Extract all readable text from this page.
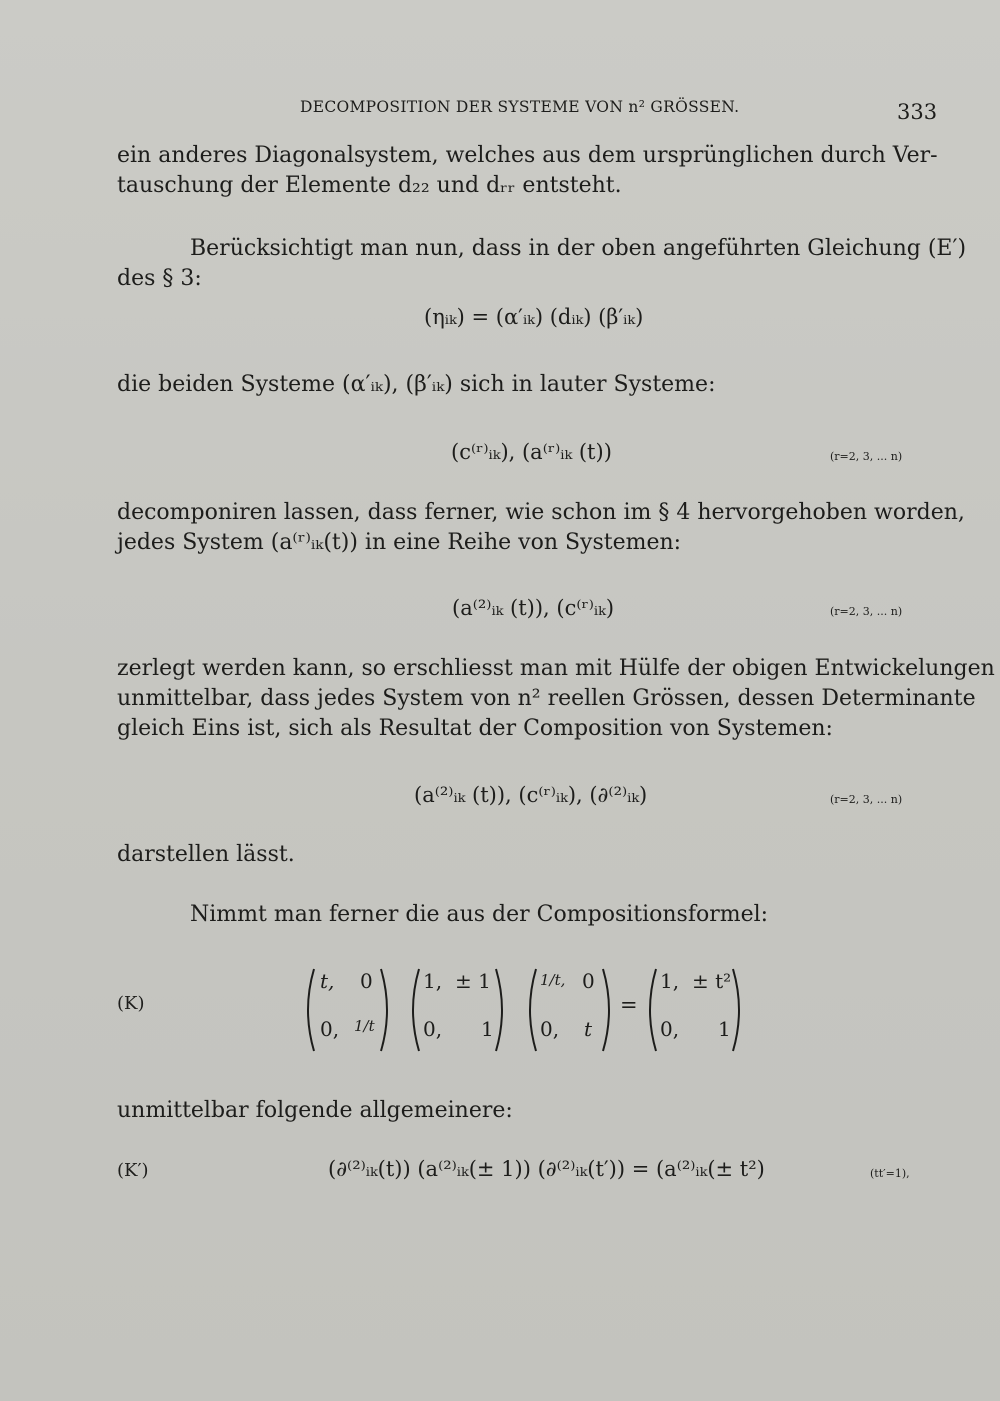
DECOMPOSITION DER SYSTEME VON n² GRÖSSEN.	333
ein anderes Diagonalsystem, welches aus dem ursprünglichen durch Ver-
tauschung der Elemente d₂₂ und dᵣᵣ entsteht.
Berücksichtigt man nun, dass in der oben angeführten Gleichung (E′)
des § 3:
(ηᵢₖ) = (α′ᵢₖ) (dᵢₖ) (β′ᵢₖ)
die beiden Systeme (α′ᵢₖ), (β′ᵢₖ) sich in lauter Systeme:
(c⁽ʳ⁾ᵢₖ), (a⁽ʳ⁾ᵢₖ (t))	(r=2, 3, ... n)
decomponiren lassen, dass ferner, wie schon im § 4 hervorgehoben worden,
jedes System (a⁽ʳ⁾ᵢₖ(t)) in eine Reihe von Systemen:
(a⁽²⁾ᵢₖ (t)), (c⁽ʳ⁾ᵢₖ)	(r=2, 3, ... n)
zerlegt werden kann, so erschliesst man mit Hülfe der obigen Entwickelungen
unmittelbar, dass jedes System von n² reellen Grössen, dessen Determinante
gleich Eins ist, sich als Resultat der Composition von Systemen:
(a⁽²⁾ᵢₖ (t)), (c⁽ʳ⁾ᵢₖ), (∂⁽²⁾ᵢₖ)	(r=2, 3, ... n)
darstellen lässt.
Nimmt man ferner die aus der Compositionsformel:
(K)
t, 0
0, 1/t
1, ± 1
0, 1
1/t, 0
0, t
=
1, ± t²
0, 1
unmittelbar folgende allgemeinere:
(K′)	(∂⁽²⁾ᵢₖ(t)) (a⁽²⁾ᵢₖ(± 1)) (∂⁽²⁾ᵢₖ(t′)) = (a⁽²⁾ᵢₖ(± t²)	(tt′=1),
